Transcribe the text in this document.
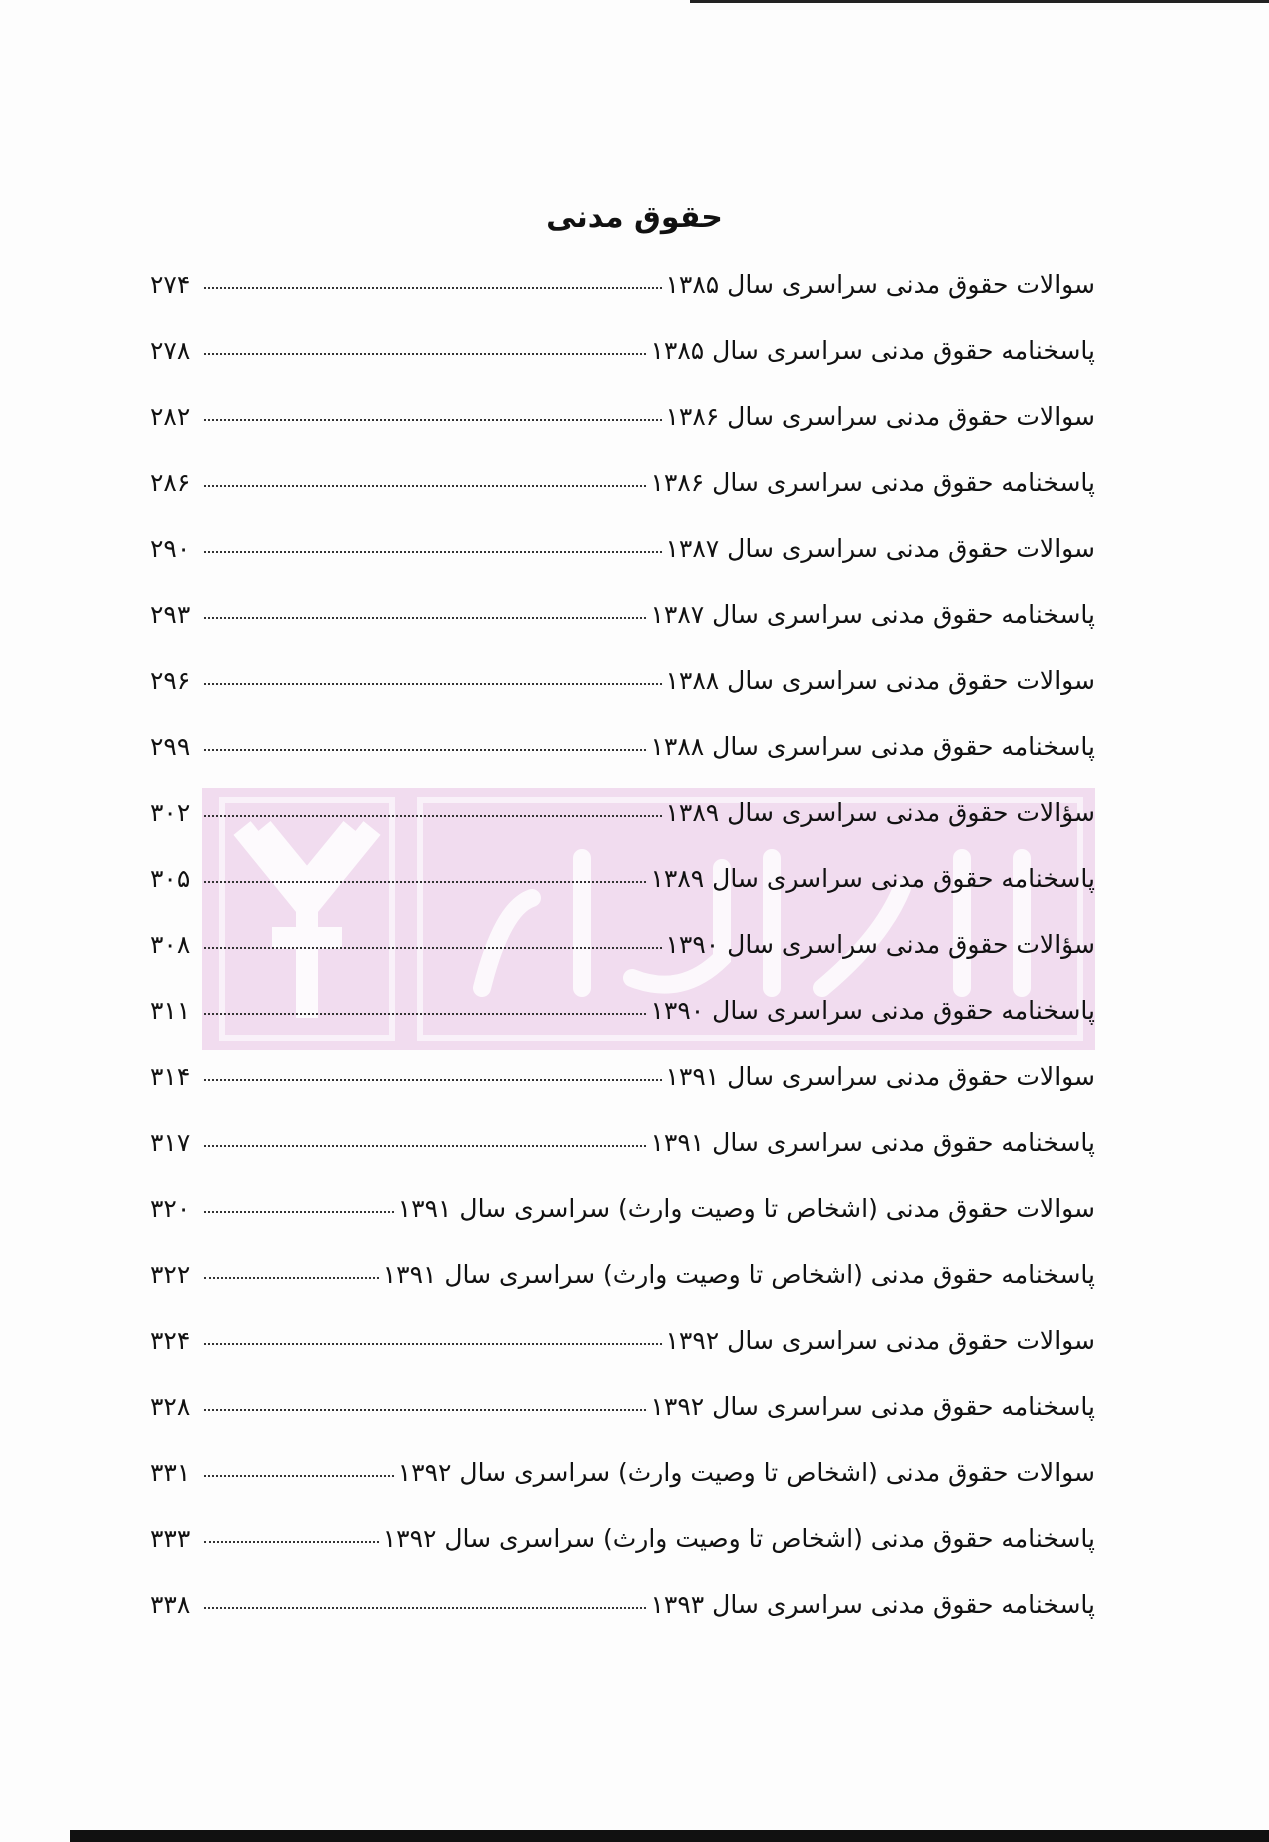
حقوق مدنی
سوالات حقوق مدنی سراسری سال ۱۳۸۵
۲۷۴
پاسخنامه حقوق مدنی سراسری سال ۱۳۸۵
۲۷۸
سوالات حقوق مدنی سراسری سال ۱۳۸۶
۲۸۲
پاسخنامه حقوق مدنی سراسری سال ۱۳۸۶
۲۸۶
سوالات حقوق مدنی سراسری سال ۱۳۸۷
۲۹۰
پاسخنامه حقوق مدنی سراسری سال ۱۳۸۷
۲۹۳
سوالات حقوق مدنی سراسری سال ۱۳۸۸
۲۹۶
پاسخنامه حقوق مدنی سراسری سال ۱۳۸۸
۲۹۹
سؤالات حقوق مدنی سراسری سال ۱۳۸۹
۳۰۲
پاسخنامه حقوق مدنی سراسری سال ۱۳۸۹
۳۰۵
سؤالات حقوق مدنی سراسری سال ۱۳۹۰
۳۰۸
پاسخنامه حقوق مدنی سراسری سال ۱۳۹۰
۳۱۱
سوالات حقوق مدنی سراسری سال ۱۳۹۱
۳۱۴
پاسخنامه حقوق مدنی سراسری سال ۱۳۹۱
۳۱۷
سوالات حقوق مدنی (اشخاص تا وصیت وارث) سراسری سال ۱۳۹۱
۳۲۰
پاسخنامه حقوق مدنی (اشخاص تا وصیت وارث) سراسری سال ۱۳۹۱
۳۲۲
سوالات حقوق مدنی سراسری سال ۱۳۹۲
۳۲۴
پاسخنامه حقوق مدنی سراسری سال ۱۳۹۲
۳۲۸
سوالات حقوق مدنی (اشخاص تا وصیت وارث) سراسری سال ۱۳۹۲
۳۳۱
پاسخنامه حقوق مدنی (اشخاص تا وصیت وارث) سراسری سال ۱۳۹۲
۳۳۳
پاسخنامه حقوق مدنی سراسری سال ۱۳۹۳
۳۳۸
